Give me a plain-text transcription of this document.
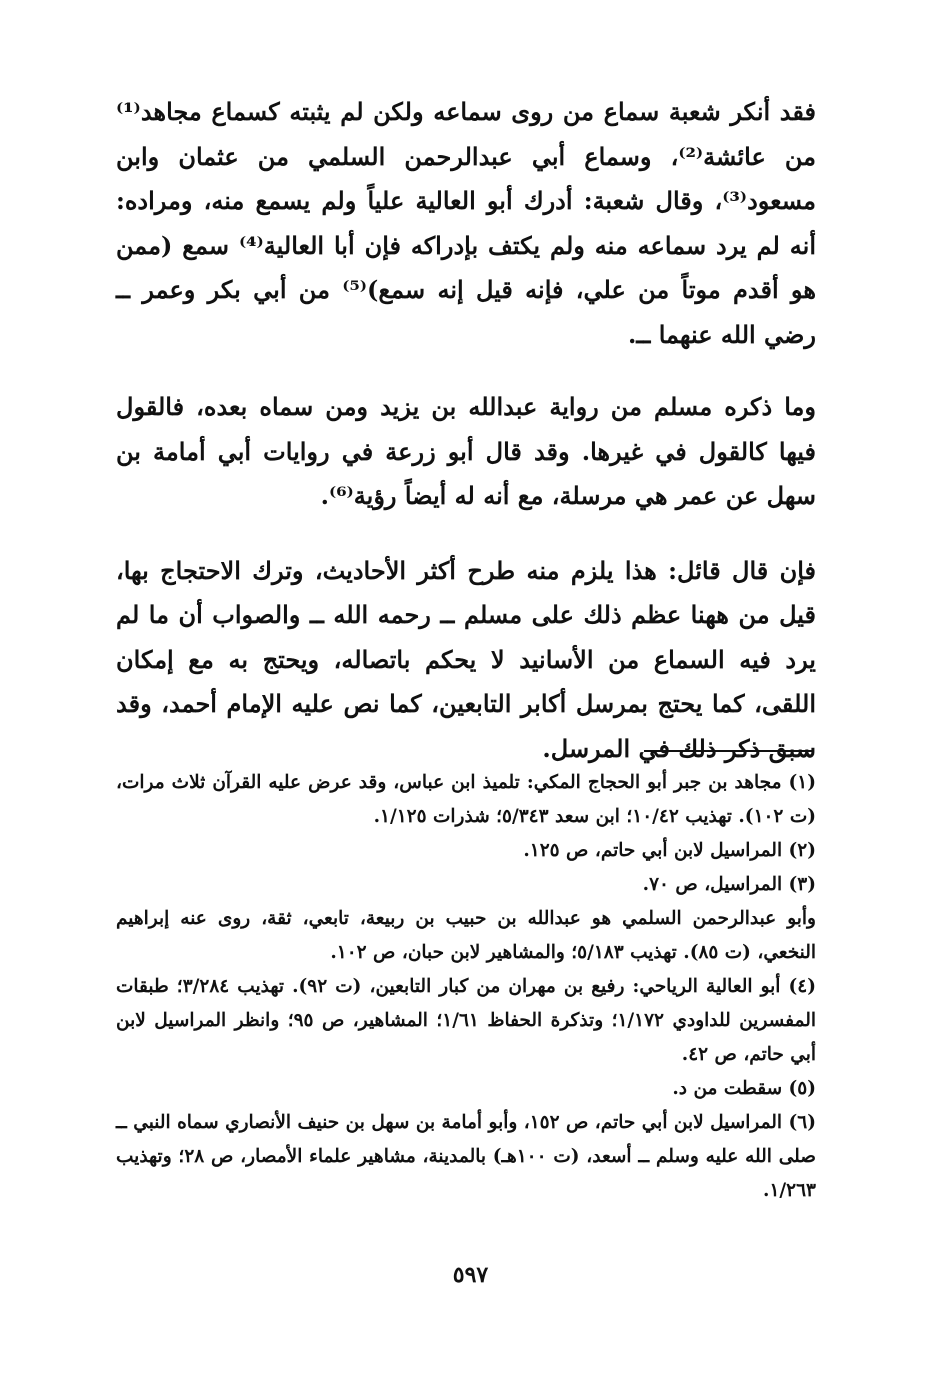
فقد أنكر شعبة سماع من روى سماعه ولكن لم يثبته كسماع مجاهد⁽¹⁾ من عائشة⁽²⁾، وسماع أبي عبدالرحمن السلمي من عثمان وابن مسعود⁽³⁾، وقال شعبة: أدرك أبو العالية علياً ولم يسمع منه، ومراده: أنه لم يرد سماعه منه ولم يكتف بإدراكه فإن أبا العالية⁽⁴⁾ سمع (ممن هو أقدم موتاً من علي، فإنه قيل إنه سمع)⁽⁵⁾ من أبي بكر وعمر ــ رضي الله عنهما ــ.

وما ذكره مسلم من رواية عبدالله بن يزيد ومن سماه بعده، فالقول فيها كالقول في غيرها. وقد قال أبو زرعة في روايات أبي أمامة بن سهل عن عمر هي مرسلة، مع أنه له أيضاً رؤية⁽⁶⁾.

فإن قال قائل: هذا يلزم منه طرح أكثر الأحاديث، وترك الاحتجاج بها، قيل من ههنا عظم ذلك على مسلم ــ رحمه الله ــ والصواب أن ما لم يرد فيه السماع من الأسانيد لا يحكم باتصاله، ويحتج به مع إمكان اللقى، كما يحتج بمرسل أكابر التابعين، كما نص عليه الإمام أحمد، وقد سبق ذكر ذلك في المرسل.

(١) مجاهد بن جبر أبو الحجاج المكي: تلميذ ابن عباس، وقد عرض عليه القرآن ثلاث مرات، (ت ١٠٢). تهذيب ١٠/٤٢؛ ابن سعد ٥/٣٤٣؛ شذرات ١/١٢٥.

(٢) المراسيل لابن أبي حاتم، ص ١٢٥.

(٣) المراسيل، ص ٧٠.

وأبو عبدالرحمن السلمي هو عبدالله بن حبيب بن ربيعة، تابعي، ثقة، روى عنه إبراهيم النخعي، (ت ٨٥). تهذيب ٥/١٨٣؛ والمشاهير لابن حبان، ص ١٠٢.

(٤) أبو العالية الرياحي: رفيع بن مهران من كبار التابعين، (ت ٩٢). تهذيب ٣/٢٨٤؛ طبقات المفسرين للداودي ١/١٧٢؛ وتذكرة الحفاظ ١/٦١؛ المشاهير، ص ٩٥؛ وانظر المراسيل لابن أبي حاتم، ص ٤٢.

(٥) سقطت من د.

(٦) المراسيل لابن أبي حاتم، ص ١٥٢، وأبو أمامة بن سهل بن حنيف الأنصاري سماه النبي ــ صلى الله عليه وسلم ــ أسعد، (ت ١٠٠هـ) بالمدينة، مشاهير علماء الأمصار، ص ٢٨؛ وتهذيب ١/٢٦٣.

٥٩٧
